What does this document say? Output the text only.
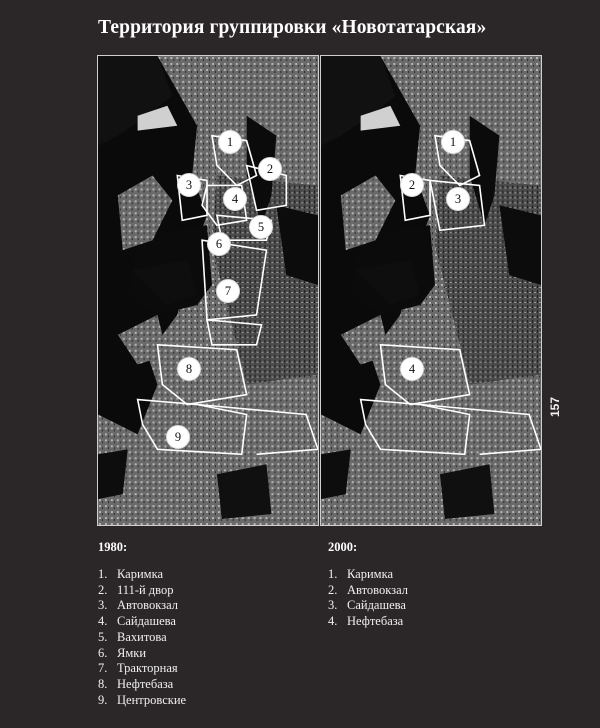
Территория группировки «Новотатарская»
1
2
3
4
5
6
7
8
9
1
2
3
4
157
1980:
1. Каримка
2. 111-й двор
3. Автовокзал
4. Сайдашева
5. Вахитова
6. Ямки
7. Тракторная
8. Нефтебаза
9. Центровские
2000:
1. Каримка
2. Автовокзал
3. Сайдашева
4. Нефтебаза
